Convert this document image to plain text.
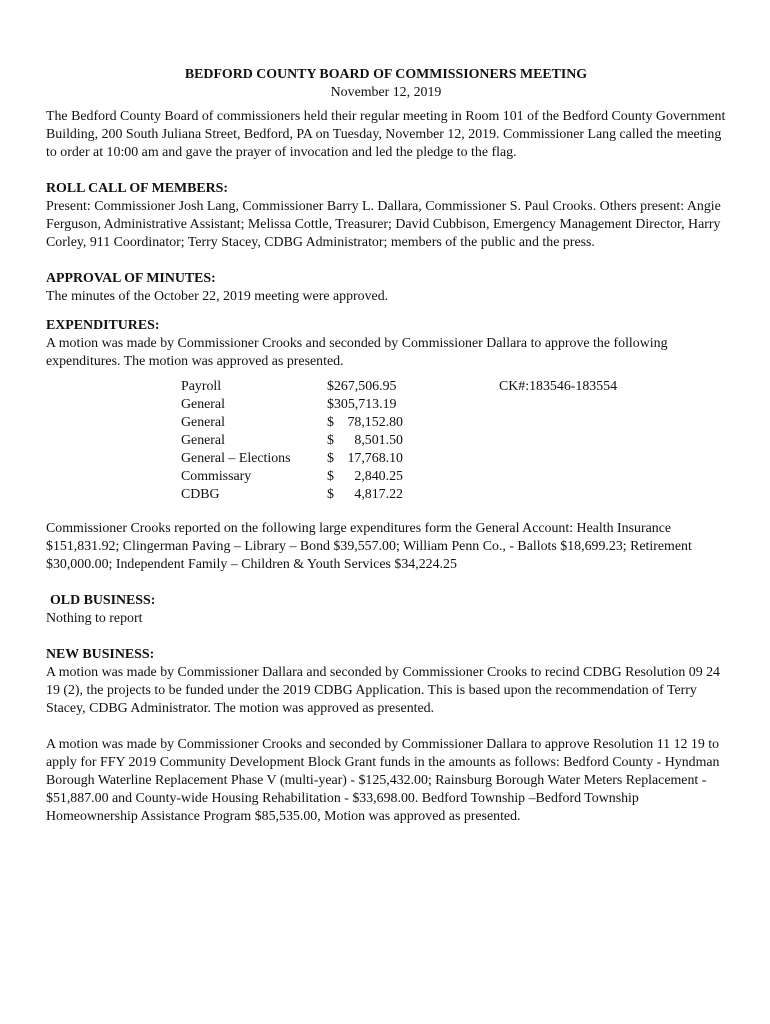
BEDFORD COUNTY BOARD OF COMMISSIONERS MEETING

November 12, 2019

The Bedford County Board of commissioners held their regular meeting in Room 101 of the Bedford County Government Building, 200 South Juliana Street, Bedford, PA on Tuesday, November 12, 2019. Commissioner Lang called the meeting to order at 10:00 am and gave the prayer of invocation and led the pledge to the flag.

ROLL CALL OF MEMBERS:

Present: Commissioner Josh Lang, Commissioner Barry L. Dallara, Commissioner S. Paul Crooks. Others present: Angie Ferguson, Administrative Assistant; Melissa Cottle, Treasurer; David Cubbison, Emergency Management Director, Harry Corley, 911 Coordinator; Terry Stacey, CDBG Administrator; members of the public and the press.

APPROVAL OF MINUTES:

The minutes of the October 22, 2019 meeting were approved.

EXPENDITURES:

A motion was made by Commissioner Crooks and seconded by Commissioner Dallara to approve the following expenditures. The motion was approved as presented.

Payroll	$267,506.95	CK#:183546-183554
General	$305,713.19
General	$ 78,152.80
General	$ 8,501.50
General – Elections	$ 17,768.10
Commissary	$ 2,840.25
CDBG	$ 4,817.22

Commissioner Crooks reported on the following large expenditures form the General Account: Health Insurance $151,831.92; Clingerman Paving – Library – Bond $39,557.00; William Penn Co., - Ballots $18,699.23; Retirement $30,000.00; Independent Family – Children & Youth Services $34,224.25

OLD BUSINESS:

Nothing to report

NEW BUSINESS:

A motion was made by Commissioner Dallara and seconded by Commissioner Crooks to recind CDBG Resolution 09 24 19 (2), the projects to be funded under the 2019 CDBG Application. This is based upon the recommendation of Terry Stacey, CDBG Administrator. The motion was approved as presented.

A motion was made by Commissioner Crooks and seconded by Commissioner Dallara to approve Resolution 11 12 19 to apply for FFY 2019 Community Development Block Grant funds in the amounts as follows: Bedford County - Hyndman Borough Waterline Replacement Phase V (multi-year) - $125,432.00; Rainsburg Borough Water Meters Replacement - $51,887.00 and County-wide Housing Rehabilitation - $33,698.00. Bedford Township –Bedford Township Homeownership Assistance Program $85,535.00, Motion was approved as presented.
